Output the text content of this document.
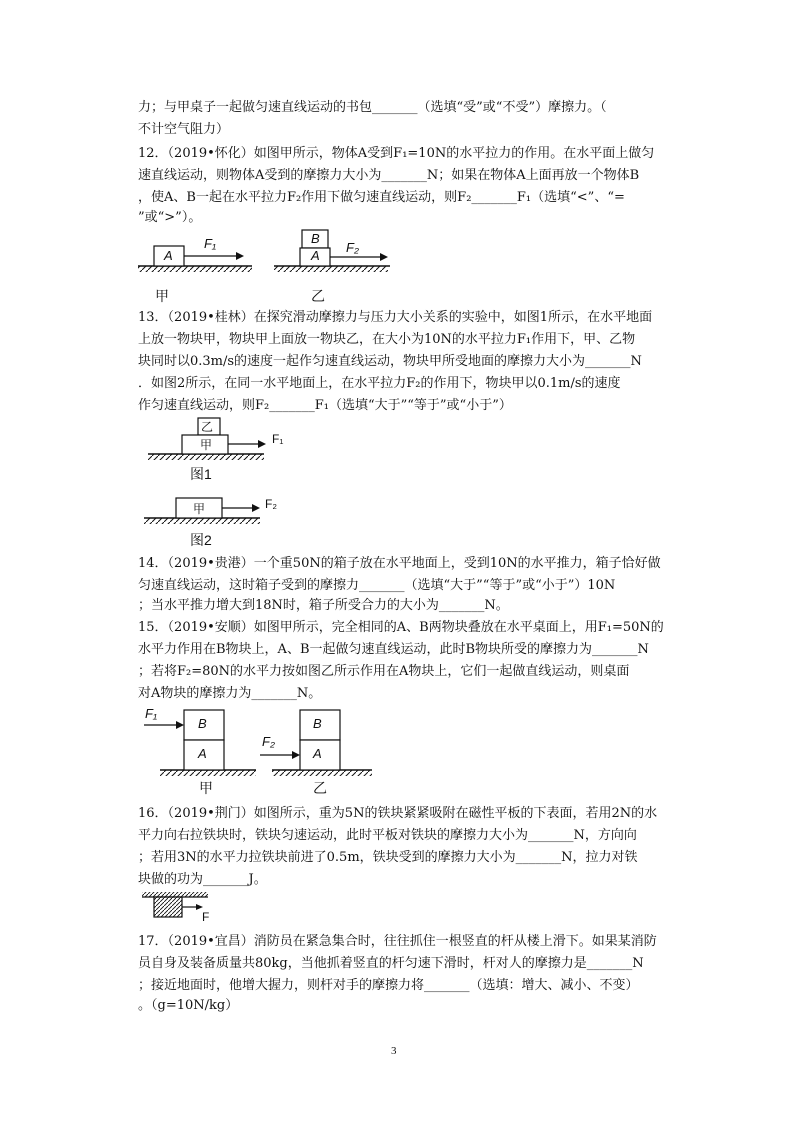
力；与甲桌子一起做匀速直线运动的书包_______（选填“受”或“不受”）摩擦力。（
不计空气阻力）
12．（2019•怀化）如图甲所示，物体A受到F₁=10N的水平拉力的作用。在水平面上做匀
速直线运动，则物体A受到的摩擦力大小为_______N；如果在物体A上面再放一个物体B
，使A、B一起在水平拉力F₂作用下做匀速直线运动，则F₂_______F₁（选填“<”、“=
”或“>”）。
A
F₁	B
A
F₂
甲	乙
13．（2019•桂林）在探究滑动摩擦力与压力大小关系的实验中，如图1所示，在水平地面
上放一物块甲，物块甲上面放一物块乙，在大小为10N的水平拉力F₁作用下，甲、乙物
块同时以0.3m/s的速度一起作匀速直线运动，物块甲所受地面的摩擦力大小为_______N
．如图2所示，在同一水平地面上，在水平拉力F₂的作用下，物块甲以0.1m/s的速度
作匀速直线运动，则F₂_______F₁（选填“大于”“等于”或“小于”）
乙
甲	F₁
图1
甲	F₂
图2
14．（2019•贵港）一个重50N的箱子放在水平地面上，受到10N的水平推力，箱子恰好做
匀速直线运动，这时箱子受到的摩擦力_______（选填“大于”“等于”或“小于”）10N
；当水平推力增大到18N时，箱子所受合力的大小为_______N。
15．（2019•安顺）如图甲所示，完全相同的A、B两物块叠放在水平桌面上，用F₁=50N的
水平力作用在B物块上，A、B一起做匀速直线运动，此时B物块所受的摩擦力为_______N
；若将F₂=80N的水平力按如图乙所示作用在A物块上，它们一起做直线运动，则桌面
对A物块的摩擦力为_______N。
F₁
B
A
F₂
B
A
甲	乙
16．（2019•荆门）如图所示，重为5N的铁块紧紧吸附在磁性平板的下表面，若用2N的水
平力向右拉铁块时，铁块匀速运动，此时平板对铁块的摩擦力大小为_______N，方向向
；若用3N的水平力拉铁块前进了0.5m，铁块受到的摩擦力大小为_______N，拉力对铁
块做的功为_______J。
F
17．（2019•宜昌）消防员在紧急集合时，往往抓住一根竖直的杆从楼上滑下。如果某消防
员自身及装备质量共80kg，当他抓着竖直的杆匀速下滑时，杆对人的摩擦力是_______N
；接近地面时，他增大握力，则杆对手的摩擦力将_______（选填：增大、减小、不变）
。（g=10N/kg）
3
